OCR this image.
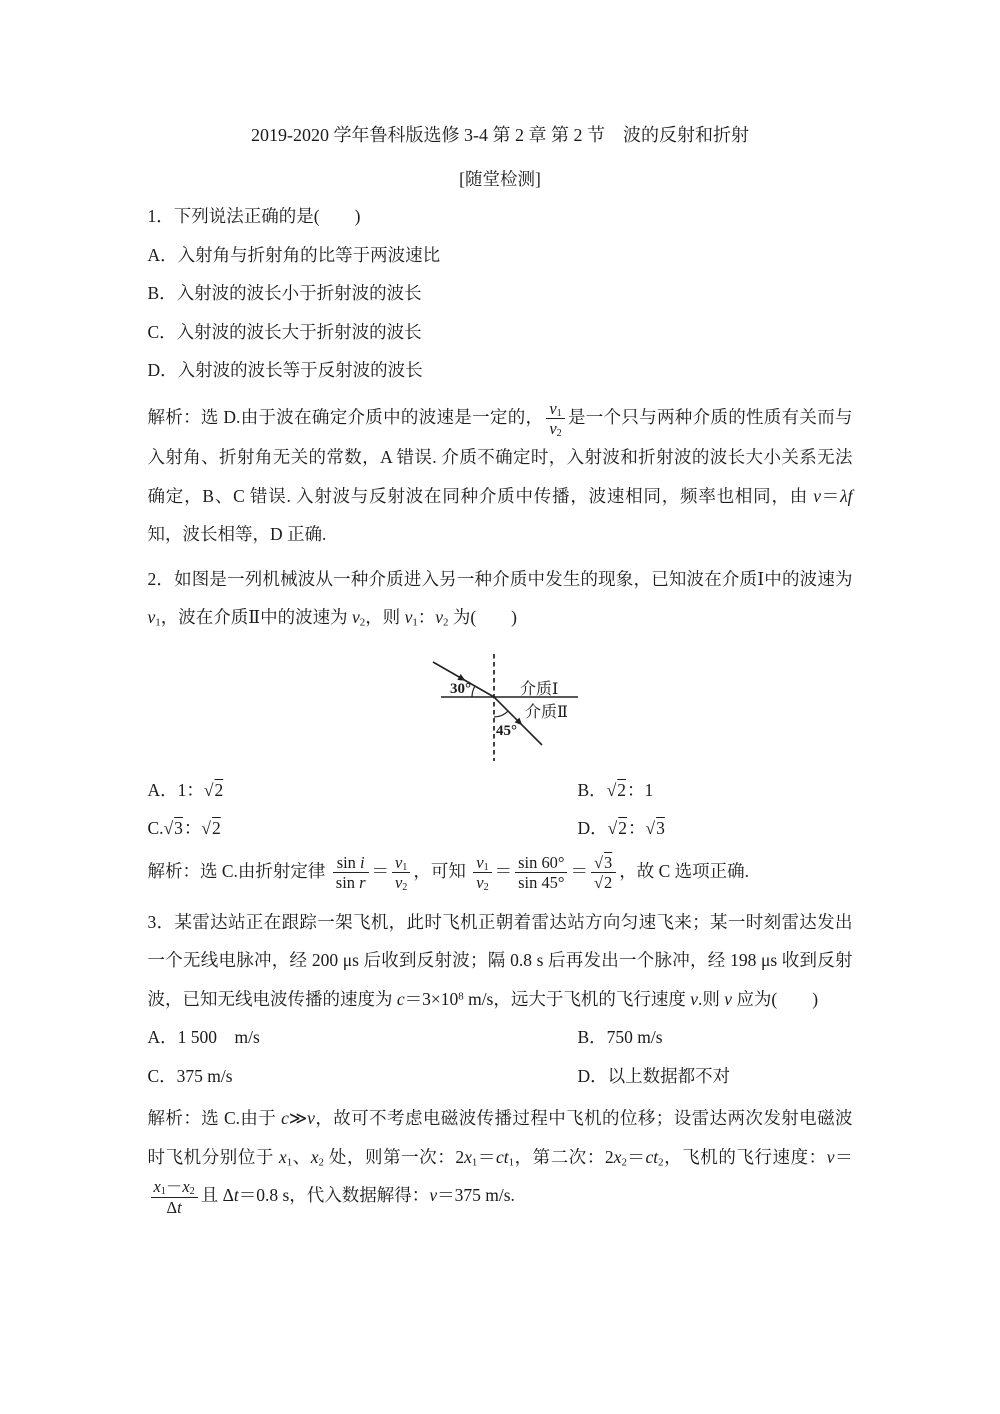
2019-2020 学年鲁科版选修 3-4 第 2 章 第 2 节　波的反射和折射

[随堂检测]

1．下列说法正确的是(　　)

A．入射角与折射角的比等于两波速比

B．入射波的波长小于折射波的波长

C．入射波的波长大于折射波的波长

D．入射波的波长等于反射波的波长

解析：选 D.由于波在确定介质中的波速是一定的， $\frac{v_1}{v_2}$ 是一个只与两种介质的性质有关而与入射角、折射角无关的常数，A 错误. 介质不确定时，入射波和折射波的波长大小关系无法确定，B、C 错误. 入射波与反射波在同种介质中传播，波速相同，频率也相同，由 v＝λf 知，波长相等，D 正确.

2．如图是一列机械波从一种介质进入另一种介质中发生的现象，已知波在介质Ⅰ中的波速为 $v_1$，波在介质Ⅱ中的波速为 $v_2$，则 $v_1$：$v_2$ 为(　　)

30°
45°
介质Ⅰ
介质Ⅱ

A．1：√2	B．√2：1

C.√3：√2	D．√2：√3

解析：选 C.由折射定律 $\frac{\text{sin i}}{\text{sin r}} = \frac{v_1}{v_2}$ ，可知 $\frac{v_1}{v_2} = \frac{\sin 60^\circ}{\sin 45^\circ} = \frac{√3}{√2}$ ，故 C 选项正确.

3．某雷达站正在跟踪一架飞机，此时飞机正朝着雷达站方向匀速飞来；某一时刻雷达发出一个无线电脉冲，经 200 μs 后收到反射波；隔 0.8 s 后再发出一个脉冲，经 198 μs 收到反射波，已知无线电波传播的速度为 $c=3\times 10^8$ m/s，远大于飞机的飞行速度 v.则 v 应为(　　)

A．1 500　m/s	B．750 m/s

C．375 m/s	D．以上数据都不对

解析：选 C.由于 c≫v，故可不考虑电磁波传播过程中飞机的位移；设雷达两次发射电磁波时飞机分别位于 $x_1$、$x_2$ 处，则第一次：$2x_1=ct_1$，第二次：$2x_2=ct_2$，飞机的飞行速度：v＝
$\frac{x_1-x_2}{\Delta t}$ 且 Δt＝0.8 s，代入数据解得：v＝375 m/s.
